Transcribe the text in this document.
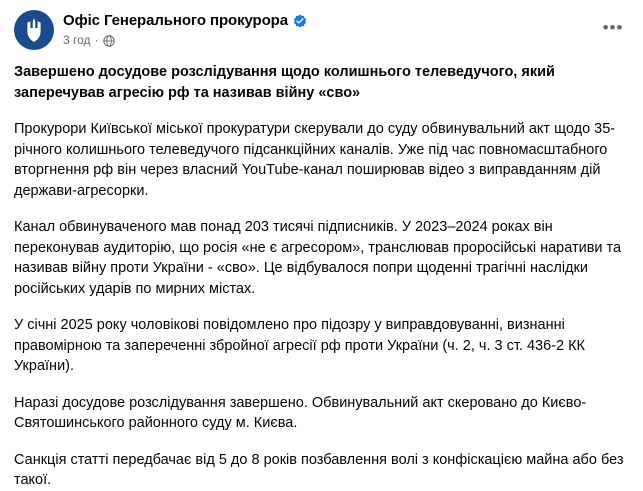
Офіс Генерального прокурора
3 год ·
•••

Завершено досудове розслідування щодо колишнього телеведучого, який заперечував агресію рф та називав війну «сво»

Прокурори Київської міської прокуратури скерували до суду обвинувальний акт щодо 35-річного колишнього телеведучого підсанкційних каналів. Уже під час повномасштабного вторгнення рф він через власний YouTube-канал поширював відео з виправданням дій держави-агресорки.

Канал обвинуваченого мав понад 203 тисячі підписників. У 2023–2024 роках він переконував аудиторію, що росія «не є агресором», транслював проросійські наративи та називав війну проти України - «сво». Це відбувалося попри щоденні трагічні наслідки російських ударів по мирних містах.

У січні 2025 року чоловікові повідомлено про підозру у виправдовуванні, визнанні правомірною та запереченні збройної агресії рф проти України (ч. 2, ч. 3 ст. 436-2 КК України).

Наразі досудове розслідування завершено. Обвинувальний акт скеровано до Києво-Святошинського районного суду м. Києва.

Санкція статті передбачає від 5 до 8 років позбавлення волі з конфіскацією майна або без такої.
